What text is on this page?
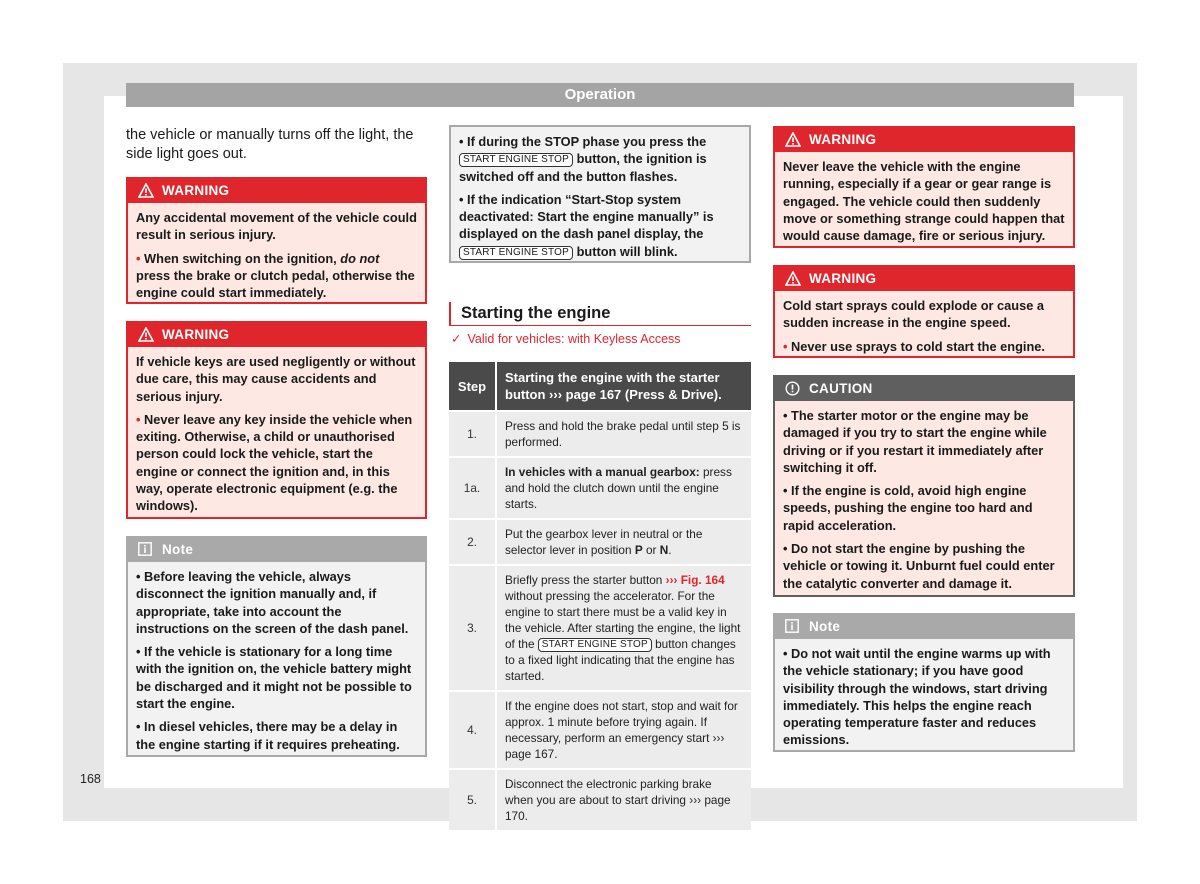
Operation

the vehicle or manually turns off the light, the side light goes out.

WARNING

Any accidental movement of the vehicle could result in serious injury.

• When switching on the ignition, do not press the brake or clutch pedal, otherwise the engine could start immediately.

WARNING

If vehicle keys are used negligently or without due care, this may cause accidents and serious injury.

• Never leave any key inside the vehicle when exiting. Otherwise, a child or unauthorised person could lock the vehicle, start the engine or connect the ignition and, in this way, operate electronic equipment (e.g. the windows).

Note

• Before leaving the vehicle, always disconnect the ignition manually and, if appropriate, take into account the instructions on the screen of the dash panel.

• If the vehicle is stationary for a long time with the ignition on, the vehicle battery might be discharged and it might not be possible to start the engine.

• In diesel vehicles, there may be a delay in the engine starting if it requires preheating.

• If during the STOP phase you press the START ENGINE STOP button, the ignition is switched off and the button flashes.

• If the indication “Start-Stop system deactivated: Start the engine manually” is displayed on the dash panel display, the START ENGINE STOP button will blink.

Starting the engine
✓ Valid for vehicles: with Keyless Access
Step	Starting the engine with the starter button ››› page 167 (Press & Drive).
1.	Press and hold the brake pedal until step 5 is performed.
1a.	In vehicles with a manual gearbox: press and hold the clutch down until the engine starts.
2.	Put the gearbox lever in neutral or the selector lever in position P or N.
3.	Briefly press the starter button ››› Fig. 164 without pressing the accelerator. For the engine to start there must be a valid key in the vehicle. After starting the engine, the light of the START ENGINE STOP button changes to a fixed light indicating that the engine has started.
4.	If the engine does not start, stop and wait for approx. 1 minute before trying again. If necessary, perform an emergency start ››› page 167.
5.	Disconnect the electronic parking brake when you are about to start driving ››› page 170.
WARNING

Never leave the vehicle with the engine running, especially if a gear or gear range is engaged. The vehicle could then suddenly move or something strange could happen that would cause damage, fire or serious injury.

WARNING

Cold start sprays could explode or cause a sudden increase in the engine speed.

• Never use sprays to cold start the engine.

CAUTION

• The starter motor or the engine may be damaged if you try to start the engine while driving or if you restart it immediately after switching it off.

• If the engine is cold, avoid high engine speeds, pushing the engine too hard and rapid acceleration.

• Do not start the engine by pushing the vehicle or towing it. Unburnt fuel could enter the catalytic converter and damage it.

Note

• Do not wait until the engine warms up with the vehicle stationary; if you have good visibility through the windows, start driving immediately. This helps the engine reach operating temperature faster and reduces emissions.

168
